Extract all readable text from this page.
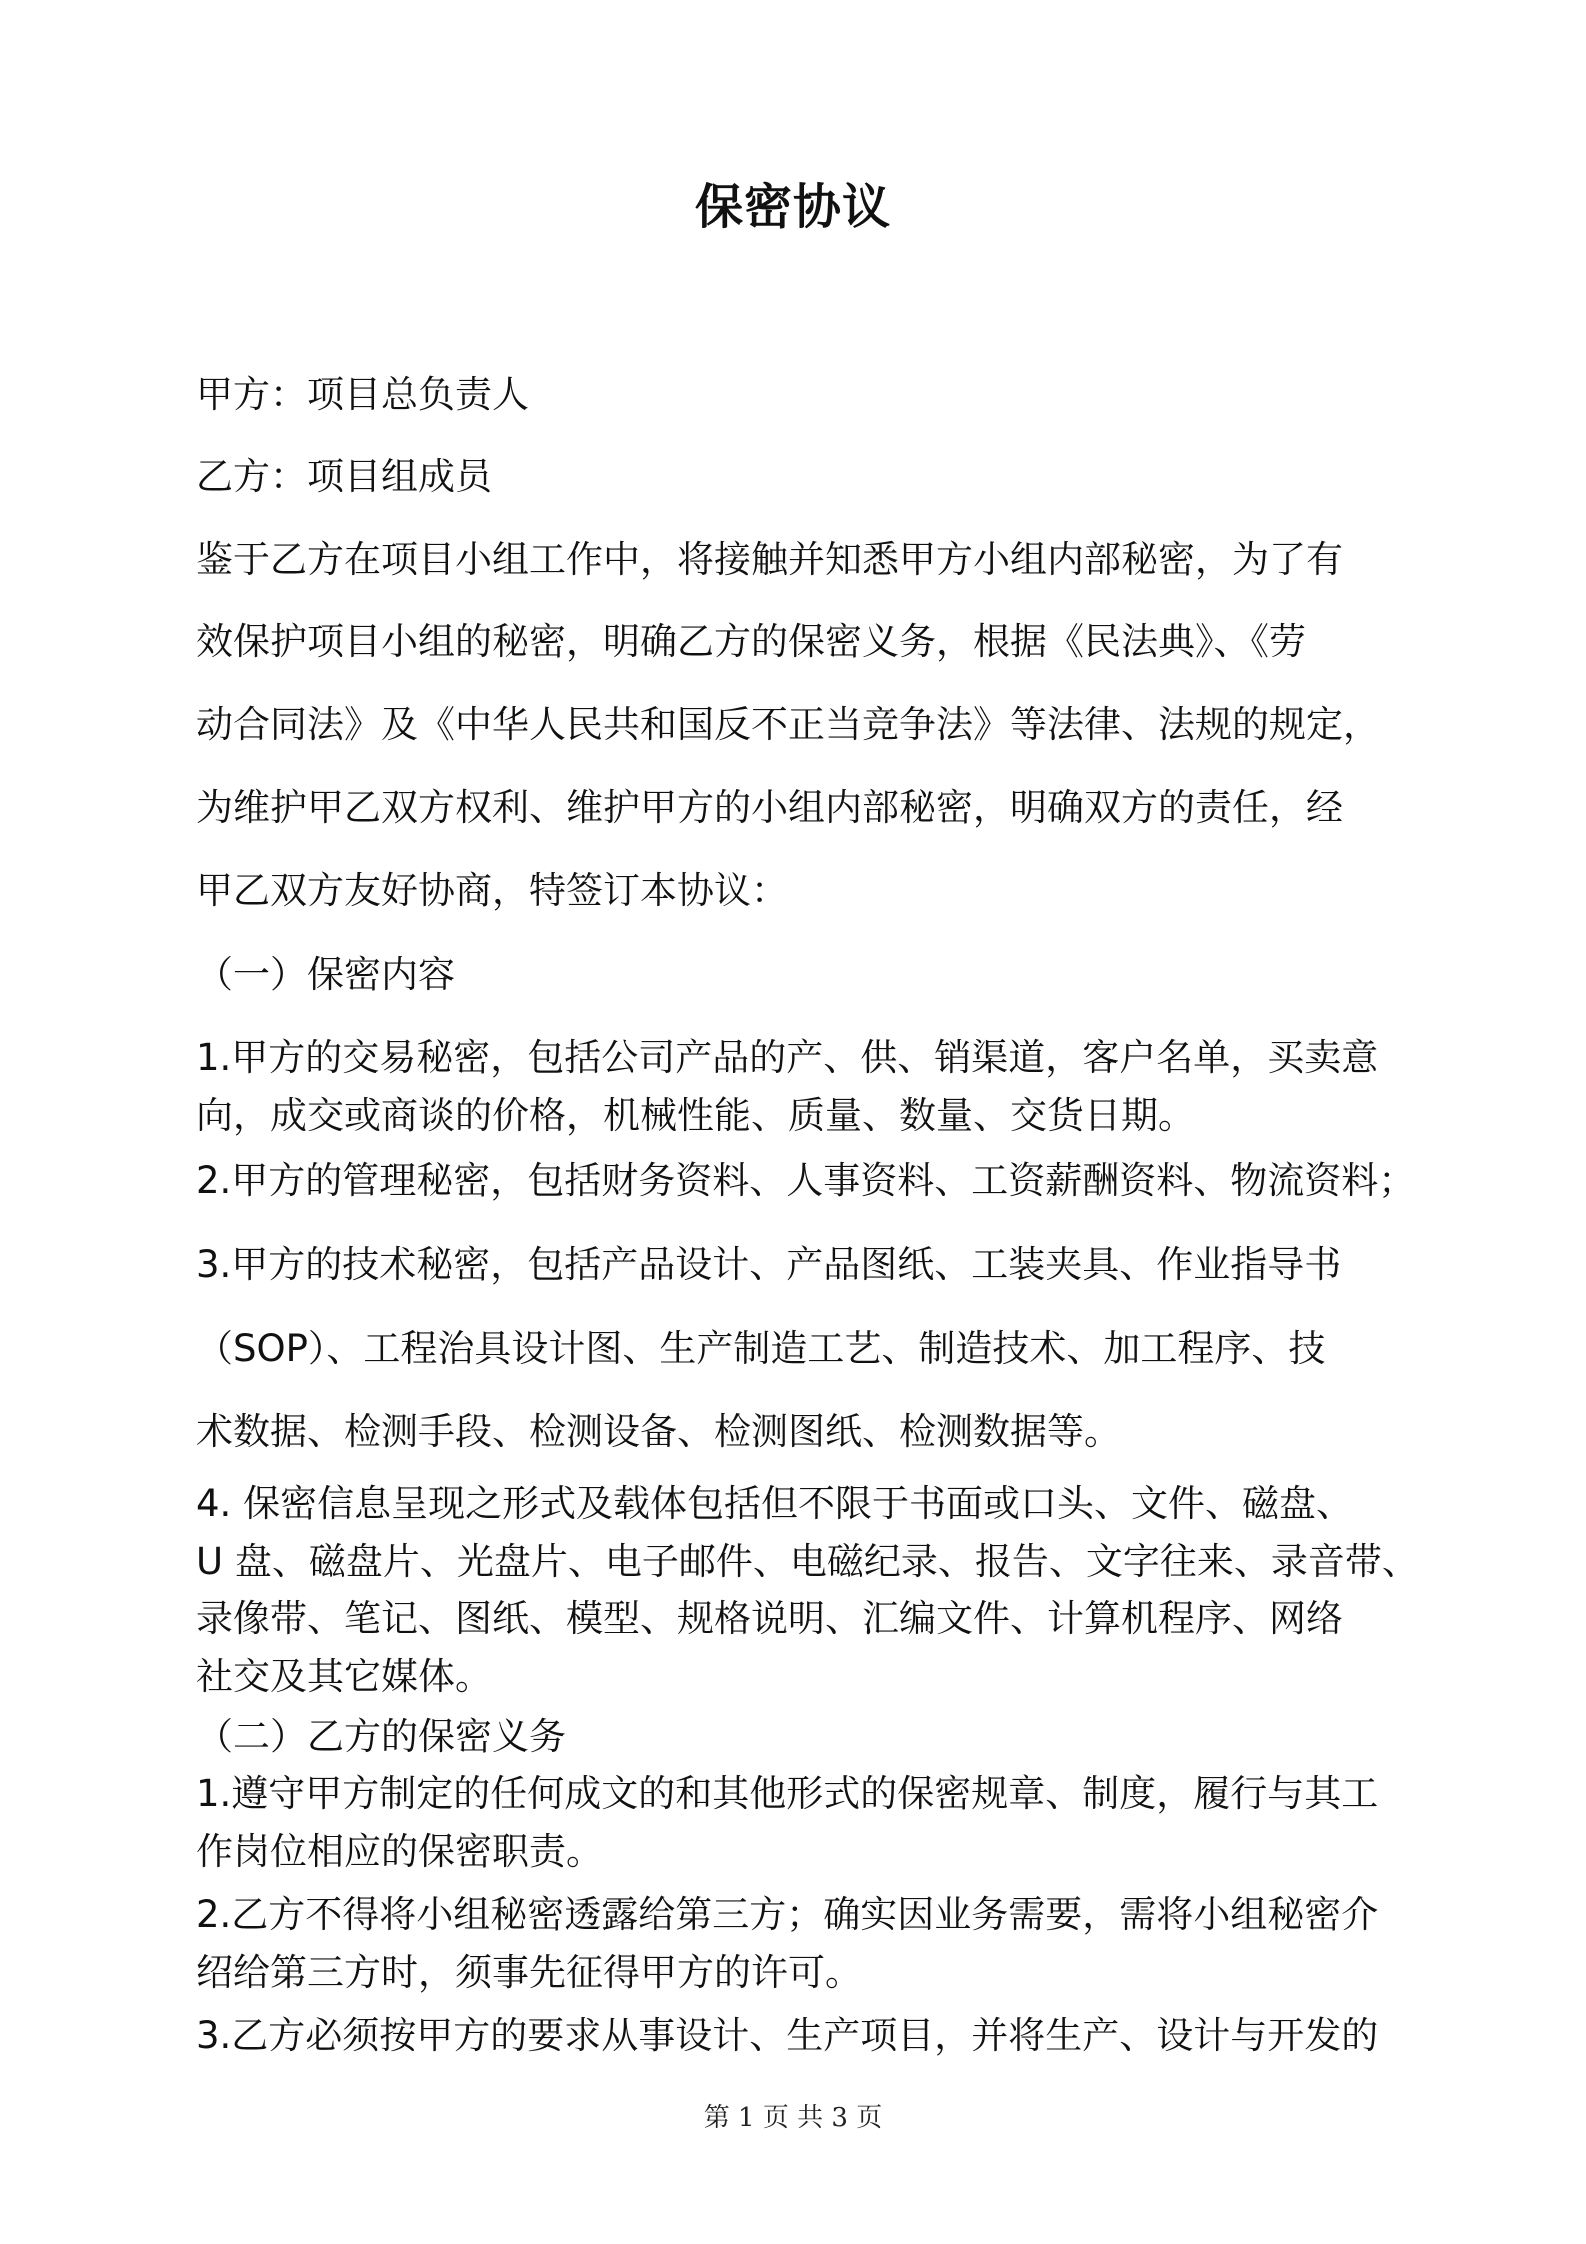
保密协议
甲方：项目总负责人
乙方：项目组成员
鉴于乙方在项目小组工作中，将接触并知悉甲方小组内部秘密，为了有
效保护项目小组的秘密，明确乙方的保密义务，根据《民法典》、《劳
动合同法》及《中华人民共和国反不正当竞争法》等法律、法规的规定，
为维护甲乙双方权利、维护甲方的小组内部秘密，明确双方的责任，经
甲乙双方友好协商，特签订本协议：
（一）保密内容
1.甲方的交易秘密，包括公司产品的产、供、销渠道，客户名单，买卖意
向，成交或商谈的价格，机械性能、质量、数量、交货日期。
2.甲方的管理秘密，包括财务资料、人事资料、工资薪酬资料、物流资料；
3.甲方的技术秘密，包括产品设计、产品图纸、工装夹具、作业指导书
（SOP）、工程治具设计图、生产制造工艺、制造技术、加工程序、技
术数据、检测手段、检测设备、检测图纸、检测数据等。
4. 保密信息呈现之形式及载体包括但不限于书面或口头、文件、磁盘、
U 盘、磁盘片、光盘片、电子邮件、电磁纪录、报告、文字往来、录音带、
录像带、笔记、图纸、模型、规格说明、汇编文件、计算机程序、网络
社交及其它媒体。
（二）乙方的保密义务
1.遵守甲方制定的任何成文的和其他形式的保密规章、制度，履行与其工
作岗位相应的保密职责。
2.乙方不得将小组秘密透露给第三方；确实因业务需要，需将小组秘密介
绍给第三方时，须事先征得甲方的许可。
3.乙方必须按甲方的要求从事设计、生产项目，并将生产、设计与开发的
第 1 页 共 3 页
